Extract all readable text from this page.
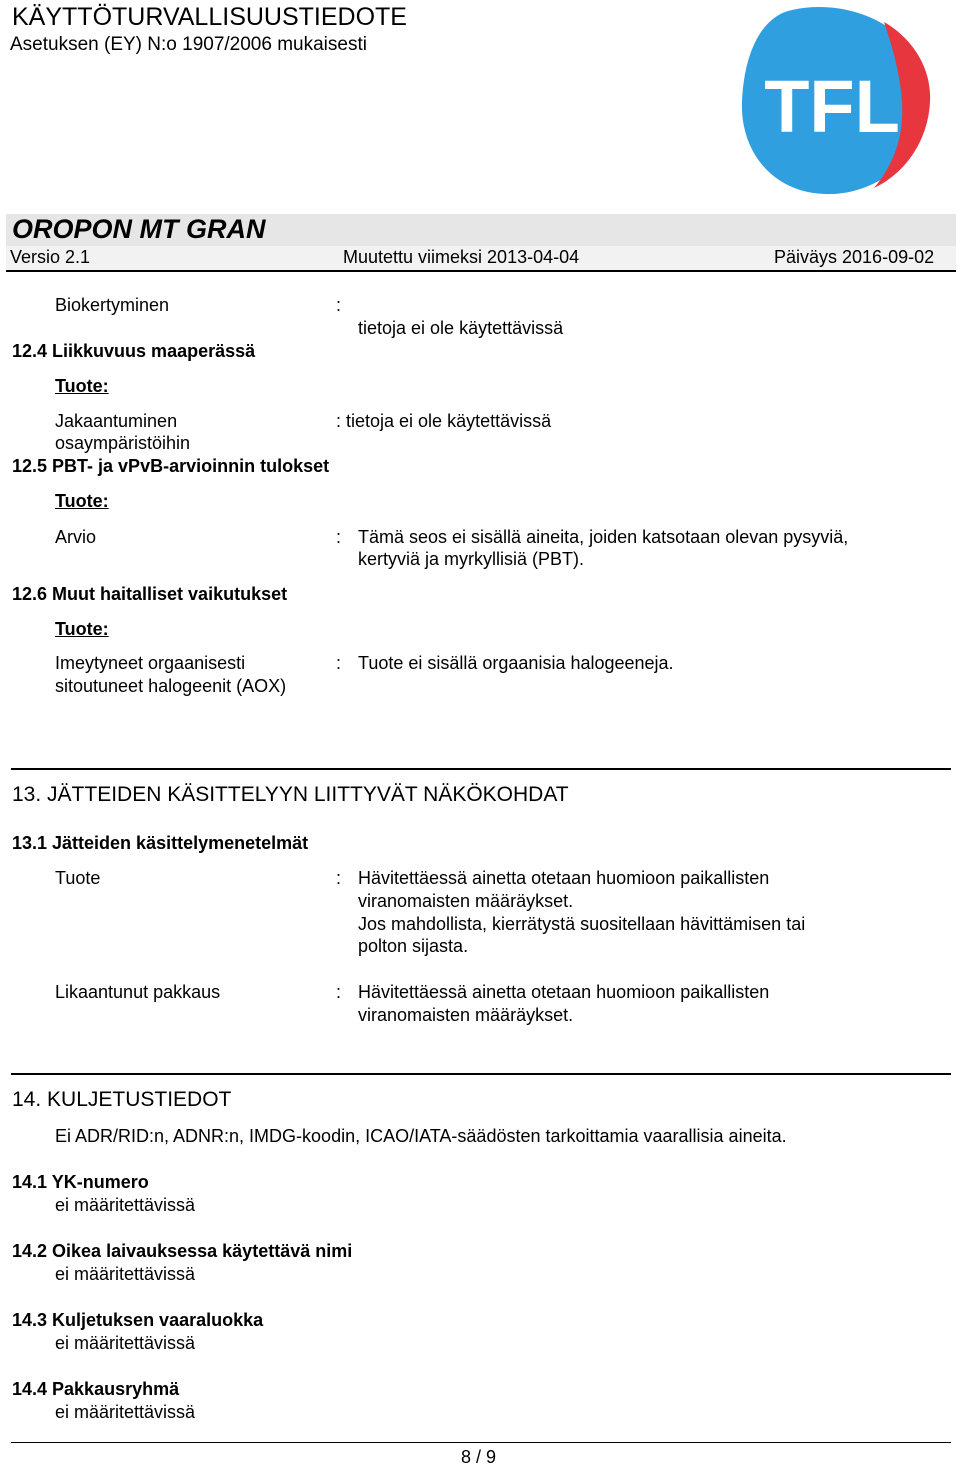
KÄYTTÖTURVALLISUUSTIEDOTE
Asetuksen (EY) N:o 1907/2006 mukaisesti
TFL
OROPON MT GRAN
Versio 2.1	Muutettu viimeksi 2013-04-04	Päiväys 2016-09-02
Biokertyminen	:
tietoja ei ole käytettävissä
12.4 Liikkuvuus maaperässä
Tuote:
Jakaantuminen
osaympäristöihin
: tietoja ei ole käytettävissä
12.5 PBT- ja vPvB-arvioinnin tulokset
Tuote:
Arvio	: Tämä seos ei sisällä aineita, joiden katsotaan olevan pysyviä,
kertyviä ja myrkyllisiä (PBT).
12.6 Muut haitalliset vaikutukset
Tuote:
Imeytyneet orgaanisesti
sitoutuneet halogeenit (AOX)
: Tuote ei sisällä orgaanisia halogeeneja.
13. JÄTTEIDEN KÄSITTELYYN LIITTYVÄT NÄKÖKOHDAT
13.1 Jätteiden käsittelymenetelmät
Tuote	: Hävitettäessä ainetta otetaan huomioon paikallisten
viranomaisten määräykset.
Jos mahdollista, kierrätystä suositellaan hävittämisen tai
polton sijasta.
Likaantunut pakkaus	: Hävitettäessä ainetta otetaan huomioon paikallisten
viranomaisten määräykset.
14. KULJETUSTIEDOT
Ei ADR/RID:n, ADNR:n, IMDG-koodin, ICAO/IATA-säädösten tarkoittamia vaarallisia aineita.
14.1 YK-numero
ei määritettävissä
14.2 Oikea laivauksessa käytettävä nimi
ei määritettävissä
14.3 Kuljetuksen vaaraluokka
ei määritettävissä
14.4 Pakkausryhmä
ei määritettävissä
8 / 9
